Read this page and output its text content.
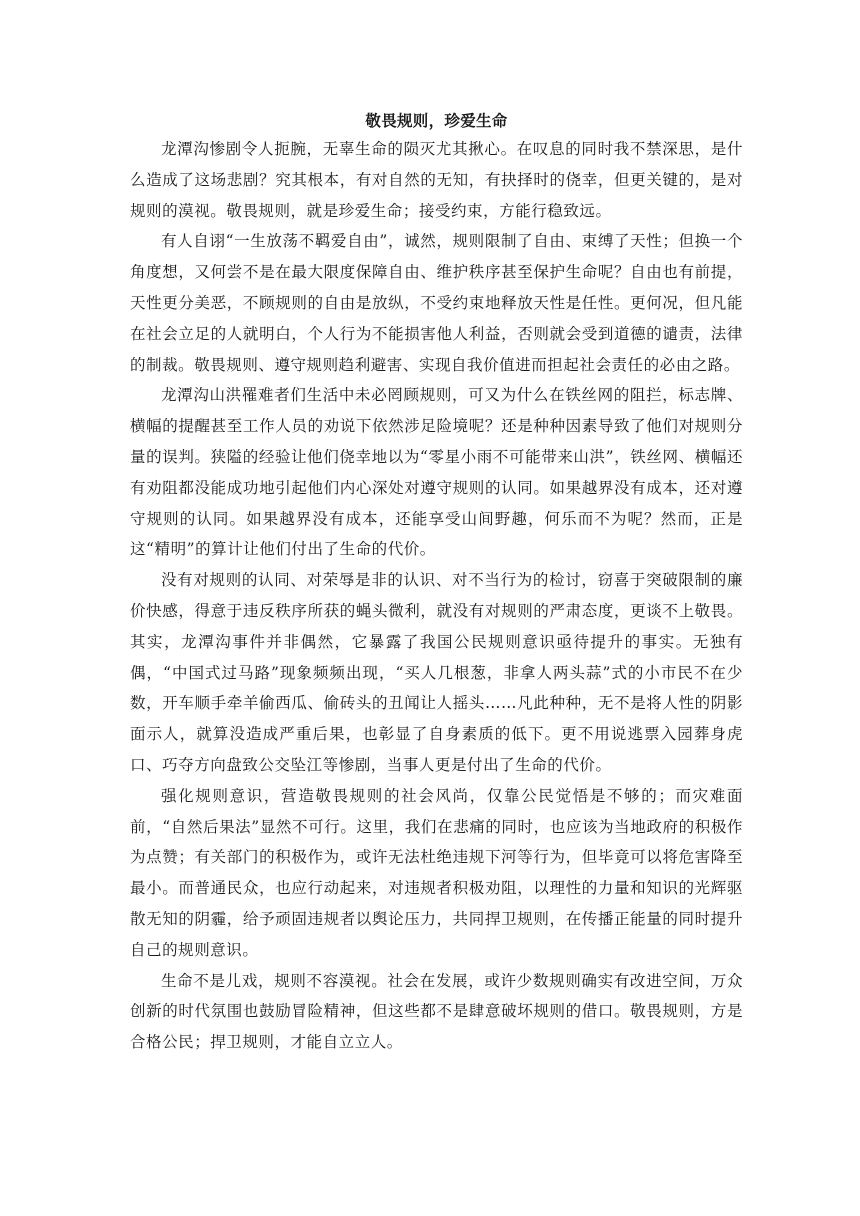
敬畏规则，珍爱生命

龙潭沟惨剧令人扼腕，无辜生命的陨灭尤其揪心。在叹息的同时我不禁深思，是什么造成了这场悲剧？究其根本，有对自然的无知，有抉择时的侥幸，但更关键的，是对规则的漠视。敬畏规则，就是珍爱生命；接受约束，方能行稳致远。

有人自诩“一生放荡不羁爱自由”，诚然，规则限制了自由、束缚了天性；但换一个角度想，又何尝不是在最大限度保障自由、维护秩序甚至保护生命呢？自由也有前提，天性更分美恶，不顾规则的自由是放纵，不受约束地释放天性是任性。更何况，但凡能在社会立足的人就明白，个人行为不能损害他人利益，否则就会受到道德的谴责，法律的制裁。敬畏规则、遵守规则趋利避害、实现自我价值进而担起社会责任的必由之路。

龙潭沟山洪罹难者们生活中未必罔顾规则，可又为什么在铁丝网的阻拦，标志牌、横幅的提醒甚至工作人员的劝说下依然涉足险境呢？还是种种因素导致了他们对规则分量的误判。狭隘的经验让他们侥幸地以为“零星小雨不可能带来山洪”，铁丝网、横幅还有劝阻都没能成功地引起他们内心深处对遵守规则的认同。如果越界没有成本，还对遵守规则的认同。如果越界没有成本，还能享受山间野趣，何乐而不为呢？然而，正是这“精明”的算计让他们付出了生命的代价。

没有对规则的认同、对荣辱是非的认识、对不当行为的检讨，窃喜于突破限制的廉价快感，得意于违反秩序所获的蝇头微利，就没有对规则的严肃态度，更谈不上敬畏。其实，龙潭沟事件并非偶然，它暴露了我国公民规则意识亟待提升的事实。无独有偶，“中国式过马路”现象频频出现，“买人几根葱，非拿人两头蒜”式的小市民不在少数，开车顺手牵羊偷西瓜、偷砖头的丑闻让人摇头……凡此种种，无不是将人性的阴影面示人，就算没造成严重后果，也彰显了自身素质的低下。更不用说逃票入园葬身虎口、巧夺方向盘致公交坠江等惨剧，当事人更是付出了生命的代价。

强化规则意识，营造敬畏规则的社会风尚，仅靠公民觉悟是不够的；而灾难面前，“自然后果法”显然不可行。这里，我们在悲痛的同时，也应该为当地政府的积极作为点赞；有关部门的积极作为，或许无法杜绝违规下河等行为，但毕竟可以将危害降至最小。而普通民众，也应行动起来，对违规者积极劝阻，以理性的力量和知识的光辉驱散无知的阴霾，给予顽固违规者以舆论压力，共同捍卫规则，在传播正能量的同时提升自己的规则意识。

生命不是儿戏，规则不容漠视。社会在发展，或许少数规则确实有改进空间，万众创新的时代氛围也鼓励冒险精神，但这些都不是肆意破坏规则的借口。敬畏规则，方是合格公民；捍卫规则，才能自立立人。
